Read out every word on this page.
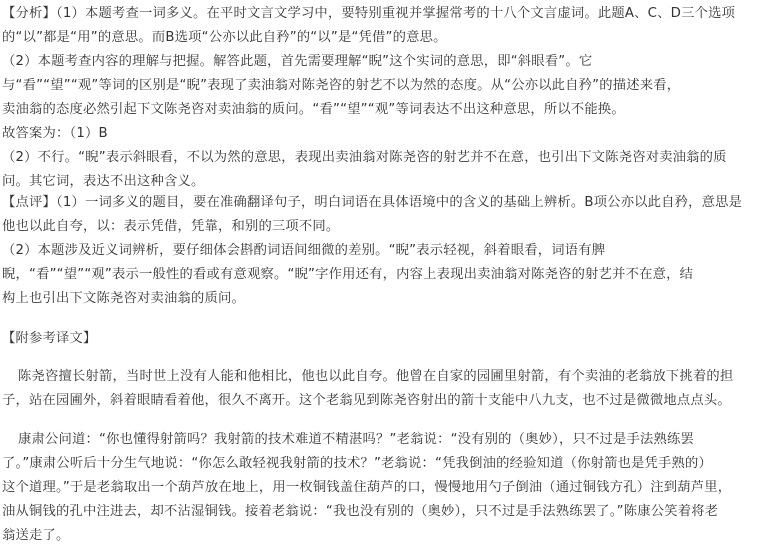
【分析】（1）本题考查一词多义。在平时文言文学习中，要特别重视并掌握常考的十八个文言虚词。此题A、C、D三个选项
的“以”都是“用”的意思。而B选项“公亦以此自矜”的“以”是“凭借”的意思。
（2）本题考查内容的理解与把握。解答此题，首先需要理解“睨”这个实词的意思，即“斜眼看”。它
与“看”“望”“观”等词的区别是“睨”表现了卖油翁对陈尧咨的射艺不以为然的态度。从“公亦以此自矜”的描述来看，
卖油翁的态度必然引起下文陈尧咨对卖油翁的质问。“看”“望”“观”等词表达不出这种意思，所以不能换。
故答案为：（1）B
（2）不行。“睨”表示斜眼看，不以为然的意思，表现出卖油翁对陈尧咨的射艺并不在意，也引出下文陈尧咨对卖油翁的质
问。其它词，表达不出这种含义。
【点评】（1）一词多义的题目，要在准确翻译句子，明白词语在具体语境中的含义的基础上辨析。B项公亦以此自矜，意思是
他也以此自夸，以：表示凭借，凭靠，和别的三项不同。
（2）本题涉及近义词辨析，要仔细体会斟酌词语间细微的差别。“睨”表示轻视，斜着眼看，词语有脾
睨，“看”“望”“观”表示一般性的看或有意观察。“睨”字作用还有，内容上表现出卖油翁对陈尧咨的射艺并不在意，结
构上也引出下文陈尧咨对卖油翁的质问。
【附参考译文】
陈尧咨擅长射箭，当时世上没有人能和他相比，他也以此自夸。他曾在自家的园圃里射箭，有个卖油的老翁放下挑着的担
子，站在园圃外，斜着眼睛看着他，很久不离开。这个老翁见到陈尧咨射出的箭十支能中八九支，也不过是微微地点点头。
康肃公问道：“你也懂得射箭吗？我射箭的技术难道不精湛吗？”老翁说：“没有别的（奥妙），只不过是手法熟练罢
了。”康肃公听后十分生气地说：“你怎么敢轻视我射箭的技术？”老翁说：“凭我倒油的经验知道（你射箭也是凭手熟的）
这个道理。”于是老翁取出一个葫芦放在地上，用一枚铜钱盖住葫芦的口，慢慢地用勺子倒油（通过铜钱方孔）注到葫芦里，
油从铜钱的孔中注进去，却不沾湿铜钱。接着老翁说：“我也没有别的（奥妙），只不过是手法熟练罢了。”陈康公笑着将老
翁送走了。
